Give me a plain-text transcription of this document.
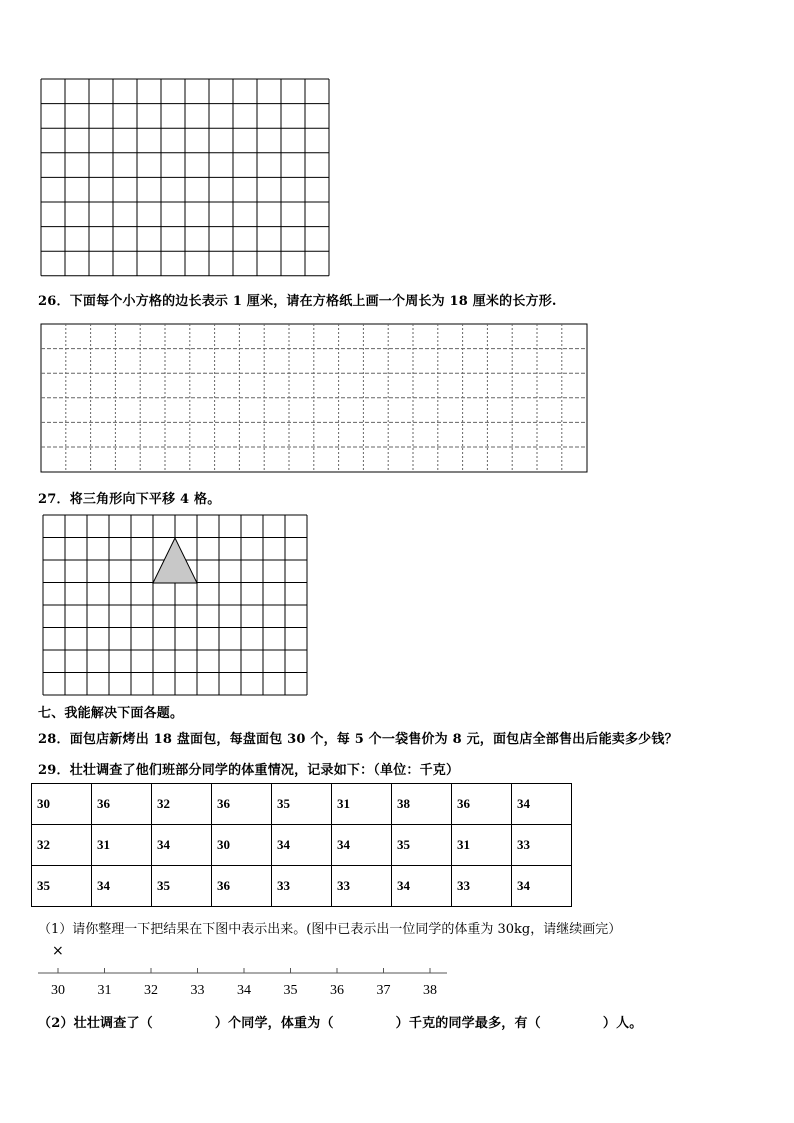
26．下面每个小方格的边长表示 1 厘米，请在方格纸上画一个周长为 18 厘米的长方形.
27．将三角形向下平移 4 格。
七、我能解决下面各题。
28．面包店新烤出 18 盘面包，每盘面包 30 个，每 5 个一袋售价为 8 元，面包店全部售出后能卖多少钱？
29．壮壮调查了他们班部分同学的体重情况，记录如下：（单位：千克）
30	36	32	36	35	31	38	36	34
32	31	34	30	34	34	35	31	33
35	34	35	36	33	33	34	33	34
（1）请你整理一下把结果在下图中表示出来。(图中已表示出一位同学的体重为 30kg，请继续画完）
×
30	31	32	33	34	35	36	37	38
（2）壮壮调查了（	）个同学，体重为（	）千克的同学最多，有（	）人。
